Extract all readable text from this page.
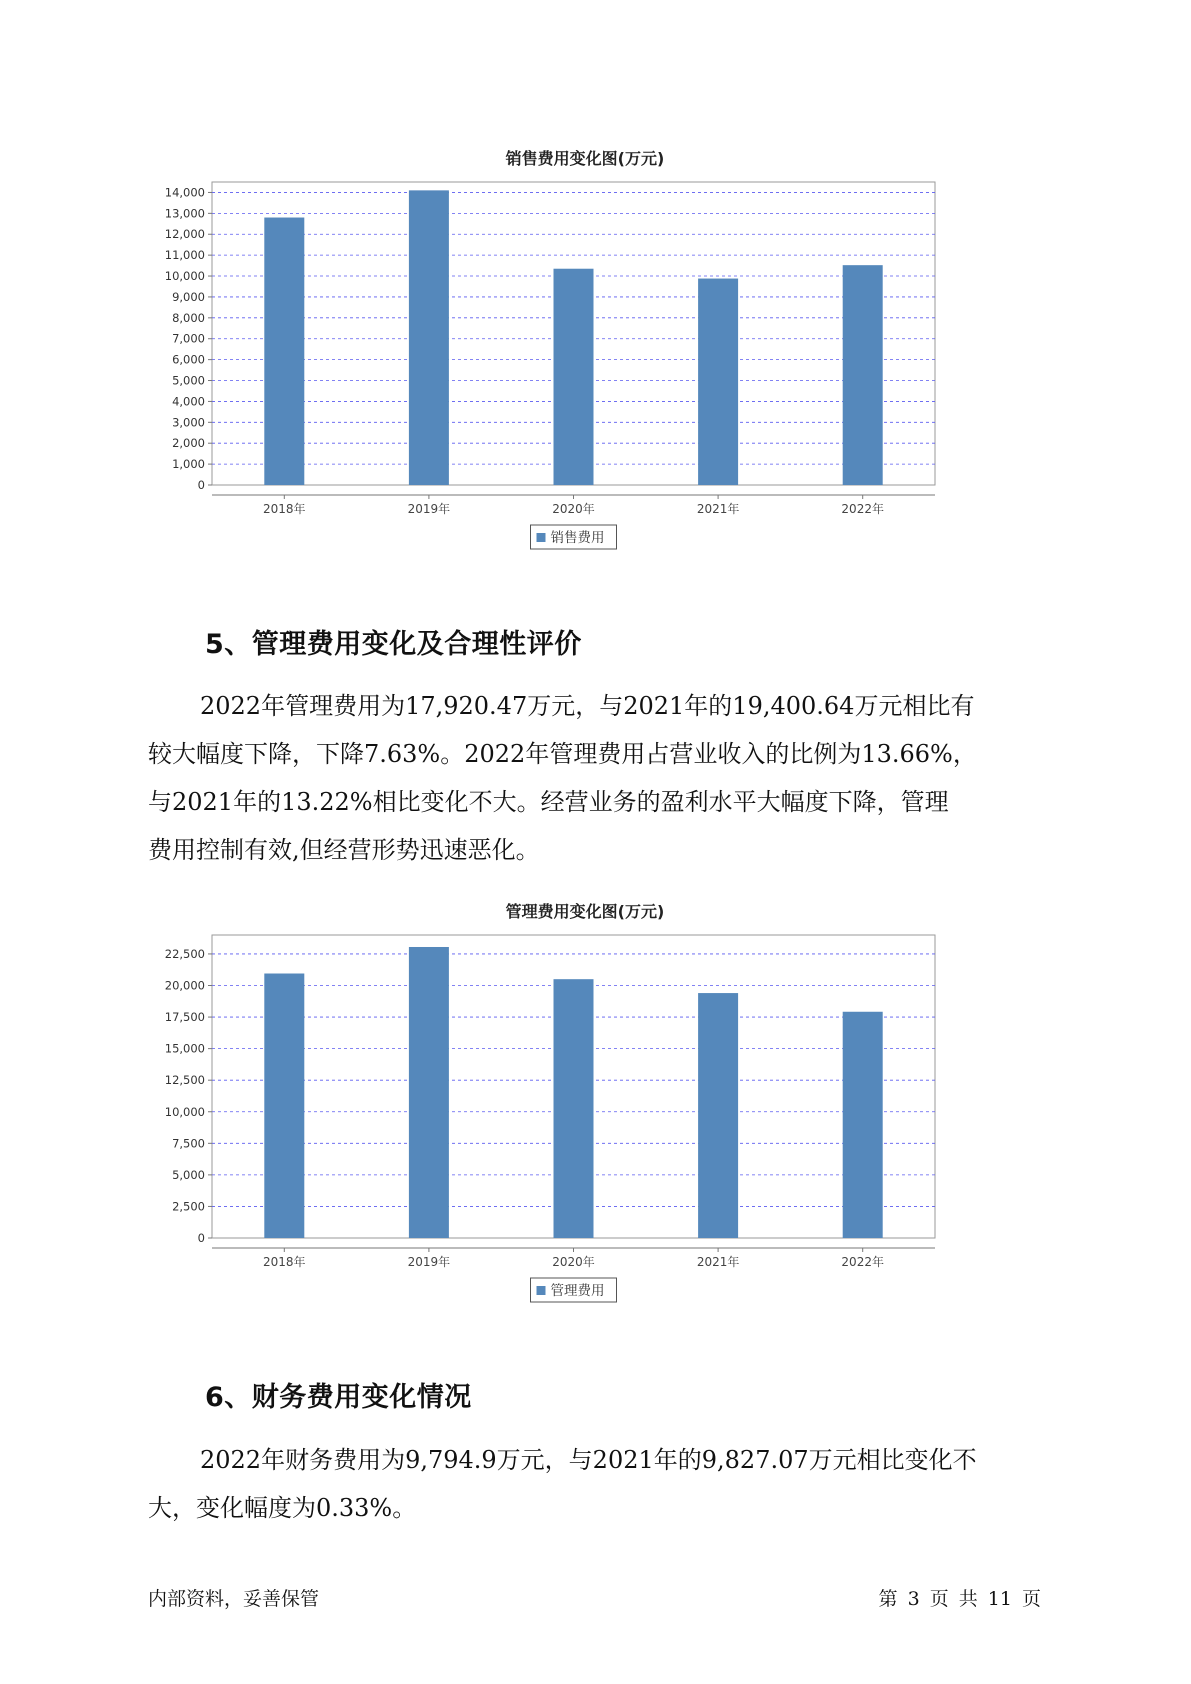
销售费用变化图(万元)
0
1,000
2,000
3,000
4,000
5,000
6,000
7,000
8,000
9,000
10,000
11,000
12,000
13,000
14,000
2018年	2019年	2020年	2021年	2022年
销售费用
5、管理费用变化及合理性评价
2022年管理费用为17,920.47万元，与2021年的19,400.64万元相比有
较大幅度下降，下降7.63%。2022年管理费用占营业收入的比例为13.66%，
与2021年的13.22%相比变化不大。经营业务的盈利水平大幅度下降，管理
费用控制有效,但经营形势迅速恶化。
管理费用变化图(万元)
0
2,500
5,000
7,500
10,000
12,500
15,000
17,500
20,000
22,500
2018年	2019年	2020年	2021年	2022年
管理费用
6、财务费用变化情况
2022年财务费用为9,794.9万元，与2021年的9,827.07万元相比变化不
大，变化幅度为0.33%。
内部资料，妥善保管	第 3 页 共 11 页
